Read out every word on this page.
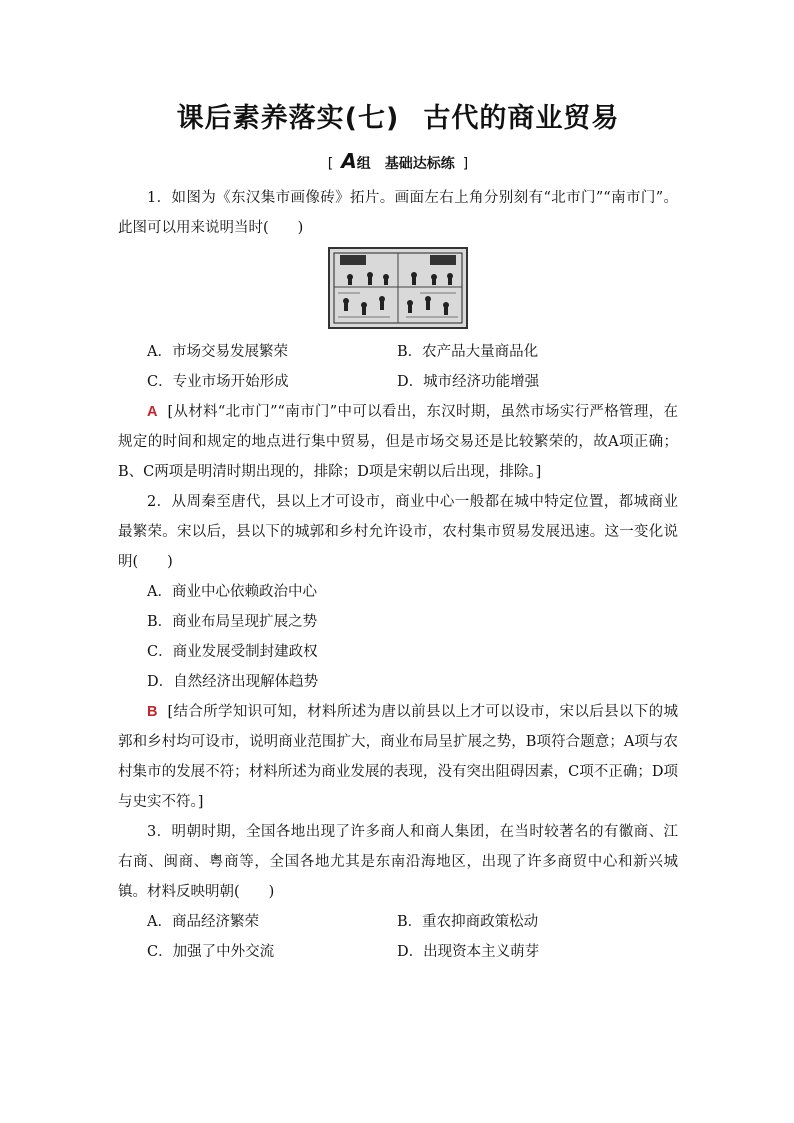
课后素养落实(七) 古代的商业贸易
[ A组 基础达标练 ]

1．如图为《东汉集市画像砖》拓片。画面左右上角分别刻有“北市门”“南市门”。此图可以用来说明当时(　　)

A．市场交易发展繁荣	B．农产品大量商品化
C．专业市场开始形成	D．城市经济功能增强

A [从材料“北市门”“南市门”中可以看出，东汉时期，虽然市场实行严格管理，在规定的时间和规定的地点进行集中贸易，但是市场交易还是比较繁荣的，故A项正确；B、C两项是明清时期出现的，排除；D项是宋朝以后出现，排除。]

2．从周秦至唐代，县以上才可设市，商业中心一般都在城中特定位置，都城商业最繁荣。宋以后，县以下的城郭和乡村允许设市，农村集市贸易发展迅速。这一变化说明(　　)

A．商业中心依赖政治中心
B．商业布局呈现扩展之势
C．商业发展受制封建政权
D．自然经济出现解体趋势

B [结合所学知识可知，材料所述为唐以前县以上才可以设市，宋以后县以下的城郭和乡村均可设市，说明商业范围扩大，商业布局呈扩展之势，B项符合题意；A项与农村集市的发展不符；材料所述为商业发展的表现，没有突出阻碍因素，C项不正确；D项与史实不符。]

3．明朝时期，全国各地出现了许多商人和商人集团，在当时较著名的有徽商、江右商、闽商、粤商等，全国各地尤其是东南沿海地区，出现了许多商贸中心和新兴城镇。材料反映明朝(　　)

A．商品经济繁荣	B．重农抑商政策松动
C．加强了中外交流	D．出现资本主义萌芽
